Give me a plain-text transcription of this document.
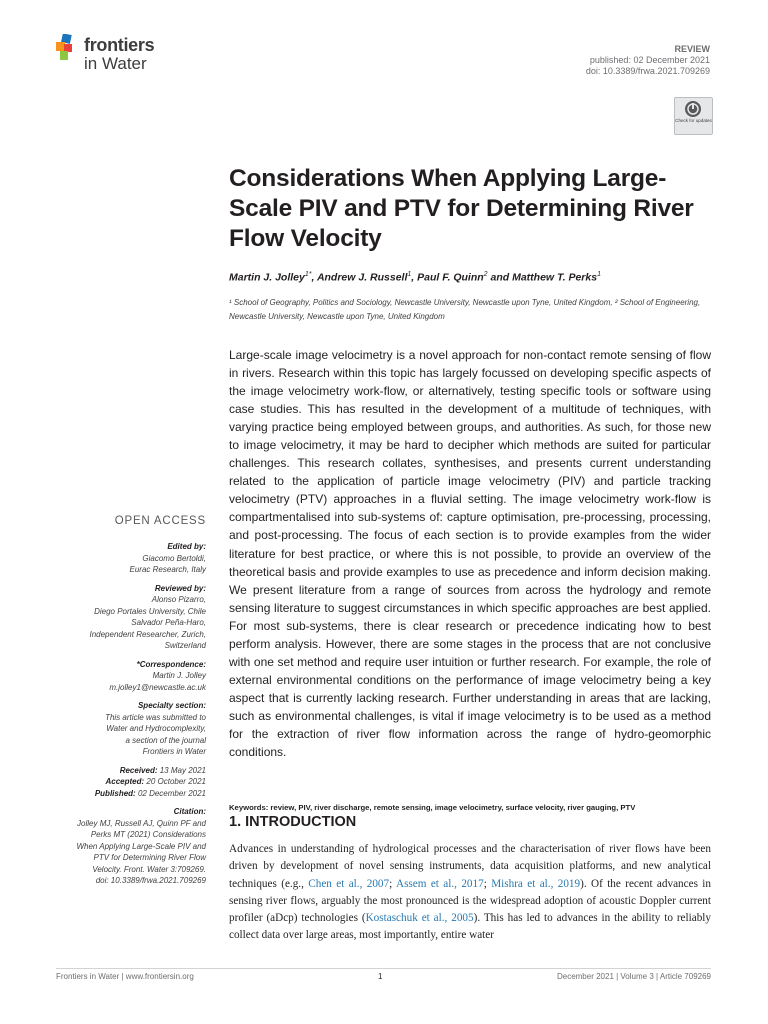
frontiers
in Water
REVIEW
published: 02 December 2021
doi: 10.3389/frwa.2021.709269
Check for updates
Considerations When Applying Large-Scale PIV and PTV for Determining River Flow Velocity
Martin J. Jolley$^{1*}$, Andrew J. Russell$^1$, Paul F. Quinn$^2$ and Matthew T. Perks$^1$
¹ School of Geography, Politics and Sociology, Newcastle University, Newcastle upon Tyne, United Kingdom, ² School of Engineering, Newcastle University, Newcastle upon Tyne, United Kingdom

Large-scale image velocimetry is a novel approach for non-contact remote sensing of flow in rivers. Research within this topic has largely focussed on developing specific aspects of the image velocimetry work-flow, or alternatively, testing specific tools or software using case studies. This has resulted in the development of a multitude of techniques, with varying practice being employed between groups, and authorities. As such, for those new to image velocimetry, it may be hard to decipher which methods are suited for particular challenges. This research collates, synthesises, and presents current understanding related to the application of particle image velocimetry (PIV) and particle tracking velocimetry (PTV) approaches in a fluvial setting. The image velocimetry work-flow is compartmentalised into sub-systems of: capture optimisation, pre-processing, processing, and post-processing. The focus of each section is to provide examples from the wider literature for best practice, or where this is not possible, to provide an overview of the theoretical basis and provide examples to use as precedence and inform decision making. We present literature from a range of sources from across the hydrology and remote sensing literature to suggest circumstances in which specific approaches are best applied. For most sub-systems, there is clear research or precedence indicating how to best perform analysis. However, there are some stages in the process that are not conclusive with one set method and require user intuition or further research. For example, the role of external environmental conditions on the performance of image velocimetry being a key aspect that is currently lacking research. Further understanding in areas that are lacking, such as environmental challenges, is vital if image velocimetry is to be used as a method for the extraction of river flow information across the range of hydro-geomorphic conditions.

Keywords: review, PIV, river discharge, remote sensing, image velocimetry, surface velocity, river gauging, PTV
1. INTRODUCTION

Advances in understanding of hydrological processes and the characterisation of river flows have been driven by development of novel sensing instruments, data acquisition platforms, and new analytical techniques (e.g., Chen et al., 2007; Assem et al., 2017; Mishra et al., 2019). Of the recent advances in sensing river flows, arguably the most pronounced is the widespread adoption of acoustic Doppler current profiler (aDcp) technologies (Kostaschuk et al., 2005). This has led to advances in the ability to reliably collect data over large areas, most importantly, entire water

OPEN ACCESS
Edited by:
Giacomo Bertoldi,
Eurac Research, Italy
Reviewed by:
Alonso Pizarro,
Diego Portales University, Chile
Salvador Peña-Haro,
Independent Researcher, Zurich,
Switzerland
*Correspondence:
Martin J. Jolley
m.jolley1@newcastle.ac.uk
Specialty section:
This article was submitted to
Water and Hydrocomplexity,
a section of the journal
Frontiers in Water
Received: 13 May 2021
Accepted: 20 October 2021
Published: 02 December 2021
Citation:
Jolley MJ, Russell AJ, Quinn PF and
Perks MT (2021) Considerations
When Applying Large-Scale PIV and
PTV for Determining River Flow
Velocity. Front. Water 3:709269.
doi: 10.3389/frwa.2021.709269
Frontiers in Water | www.frontiersin.org	1	December 2021 | Volume 3 | Article 709269
